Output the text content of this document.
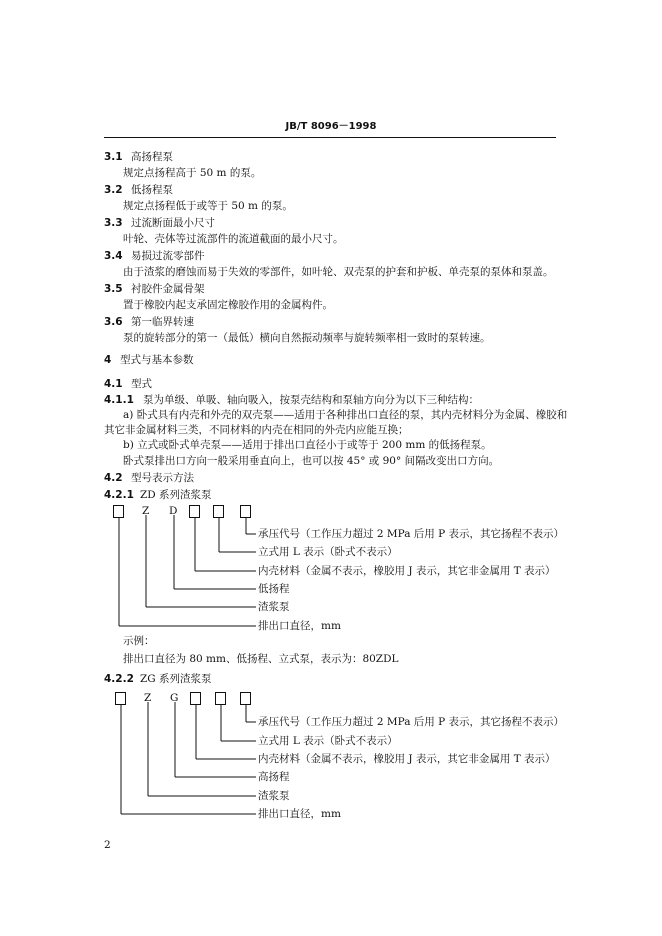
JB/T 8096－1998
3.1 高扬程泵
规定点扬程高于 50 m 的泵。
3.2 低扬程泵
规定点扬程低于或等于 50 m 的泵。
3.3 过流断面最小尺寸
叶轮、壳体等过流部件的流道截面的最小尺寸。
3.4 易损过流零部件
由于渣浆的磨蚀而易于失效的零部件，如叶轮、双壳泵的护套和护板、单壳泵的泵体和泵盖。
3.5 衬胶件金属骨架
置于橡胶内起支承固定橡胶作用的金属构件。
3.6 第一临界转速
泵的旋转部分的第一（最低）横向自然振动频率与旋转频率相一致时的泵转速。
4 型式与基本参数
4.1 型式
4.1.1 泵为单级、单吸、轴向吸入，按泵壳结构和泵轴方向分为以下三种结构：
a) 卧式具有内壳和外壳的双壳泵——适用于各种排出口直径的泵，其内壳材料分为金属、橡胶和
其它非金属材料三类，不同材料的内壳在相同的外壳内应能互换；
b) 立式或卧式单壳泵——适用于排出口直径小于或等于 200 mm 的低扬程泵。
卧式泵排出口方向一般采用垂直向上，也可以按 45° 或 90° 间隔改变出口方向。
4.2 型号表示方法
4.2.1 ZD 系列渣浆泵
Z D
承压代号（工作压力超过 2 MPa 后用 P 表示，其它扬程不表示）
立式用 L 表示（卧式不表示）
内壳材料（金属不表示，橡胶用 J 表示，其它非金属用 T 表示）
低扬程
渣浆泵
排出口直径，mm
示例：
排出口直径为 80 mm、低扬程、立式泵，表示为：80ZDL
4.2.2 ZG 系列渣浆泵
Z G
承压代号（工作压力超过 2 MPa 后用 P 表示，其它扬程不表示）
立式用 L 表示（卧式不表示）
内壳材料（金属不表示，橡胶用 J 表示，其它非金属用 T 表示）
高扬程
渣浆泵
排出口直径，mm
2
